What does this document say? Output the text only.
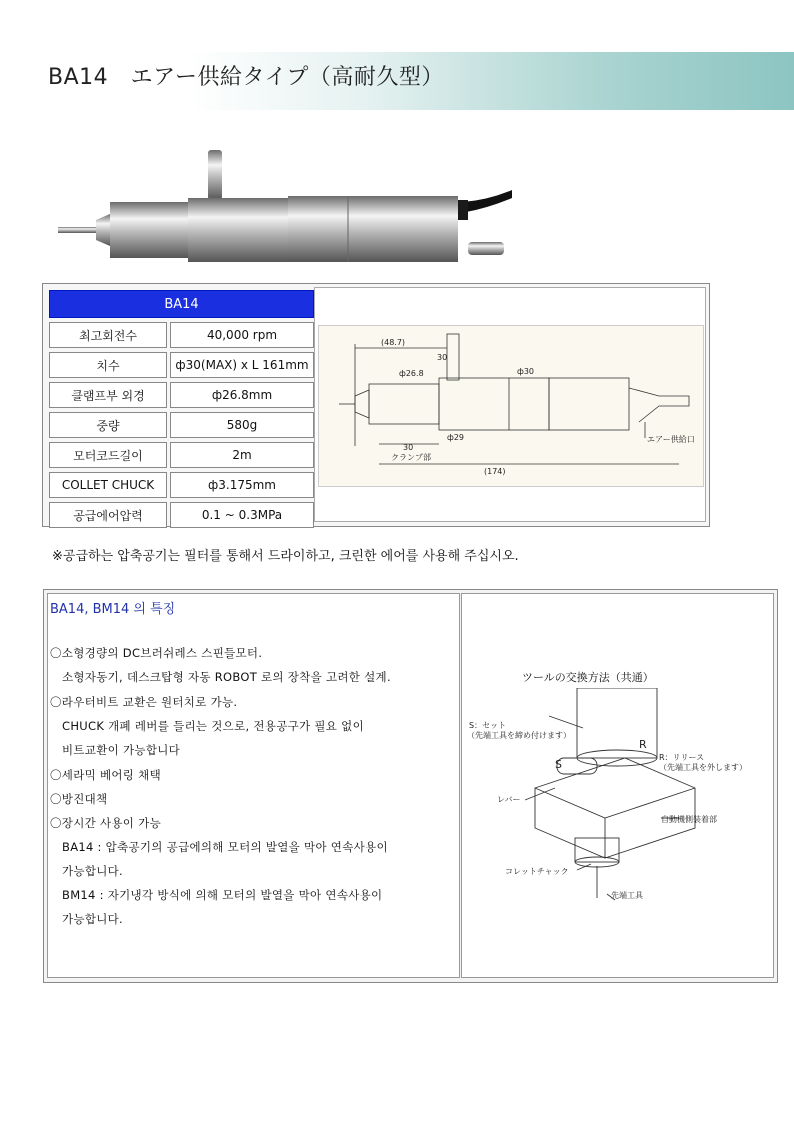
BA14　エアー供給タイプ（高耐久型）
BA14	
최고회전수	40,000 rpm
치수	ф30(MAX) x L 161mm
클램프부 외경	ф26.8mm
중량	580g
모터코드길이	2m
COLLET CHUCK	ф3.175mm
공급에어압력	0.1 ~ 0.3MPa
(48.7)
30
ф26.8	ф30
ф29
30
クランプ部
(174)
エアー供給口
※공급하는 압축공기는 필터를 통해서 드라이하고, 크린한 에어를 사용해 주십시오.
BA14, BM14 의 특징
〇소형경량의 DC브러쉬레스 스핀들모터.
소형자동기, 데스크탑형 자동 ROBOT 로의 장착을 고려한 설계.
〇라우터비트 교환은 원터치로 가능.
CHUCK 개폐 레버를 들리는 것으로, 전용공구가 필요 없이
비트교환이 가능합니다
〇세라믹 베어링 채택
〇방진대책
〇장시간 사용이 가능
BA14 : 압축공기의 공급에의해 모터의 발열을 막아 연속사용이
가능합니다.
BM14 : 자기냉각 방식에 의해 모터의 발열을 막아 연속사용이
가능합니다.
ツールの交換方法（共通）
S：セット
（先端工具を締め付けます）
R
S
R：リリース
（先端工具を外します）
レバー
自動機側装着部
コレットチャック
先端工具
